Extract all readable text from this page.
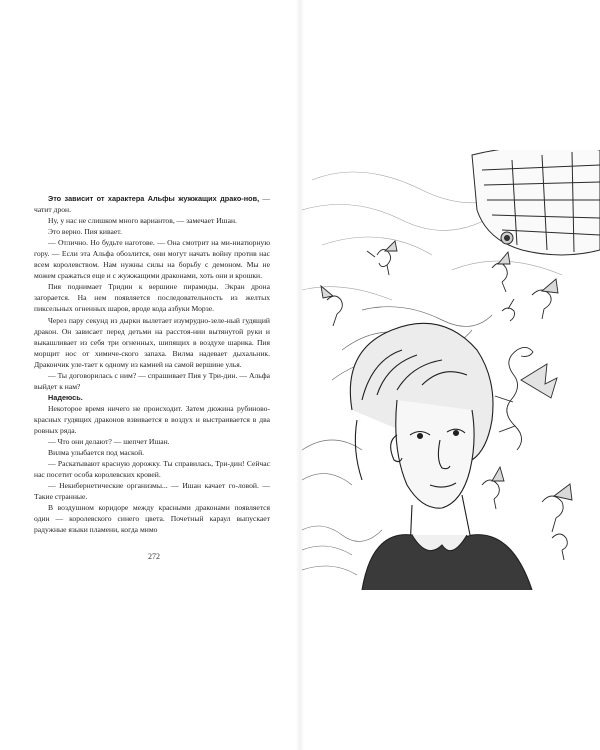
Это зависит от характера Альфы жужжащих драко-нов, — чатит дрон.

Ну, у нас не слишком много вариантов, — замечает Ишан.

Это верно. Пия кивает.

— Отлично. Но будьте наготове. — Она смотрит на ми-ниатюрную гору. — Если эта Альфа обозлится, они могут начать войну против нас всем королевством. Нам нужны силы на борьбу с демоном. Мы не можем сражаться еще и с жужжащими драконами, хоть они и крошки.

Пия поднимает Тридин к вершине пирамиды. Экран дрона загорается. На нем появляется последовательность из желтых пиксельных огненных шаров, вроде кода азбуки Морзе.

Через пару секунд из дырки вылетает изумрудно-зеле-ный гудящий дракон. Он зависает перед детьми на расстоя-нии вытянутой руки и выкашливает из себя три огненных, шипящих в воздухе шарика. Пия морщит нос от химиче-ского запаха. Вилма надевает дыхальник. Дракончик уле-тает к одному из камней на самой вершине улья.

— Ты договорилась с ним? — спрашивает Пия у Три-дин. — Альфа выйдет к нам?

Надеюсь.

Некоторое время ничего не происходит. Затем дюжина рубиново-красных гудящих драконов взвивается в воздух и выстраивается в два ровных ряда.

— Что они делают? — шепчет Ишан.

Вилма улыбается под маской.

— Раскатывают красную дорожку. Ты справилась, Три-дин! Сейчас нас посетит особа королевских кровей.

— Некибернетические организмы... — Ишан качает го-ловой. — Такие странные.

В воздушном коридоре между красными драконами появляется один — королевского синего цвета. Почетный караул выпускает радужные языки пламени, когда мимо

272
